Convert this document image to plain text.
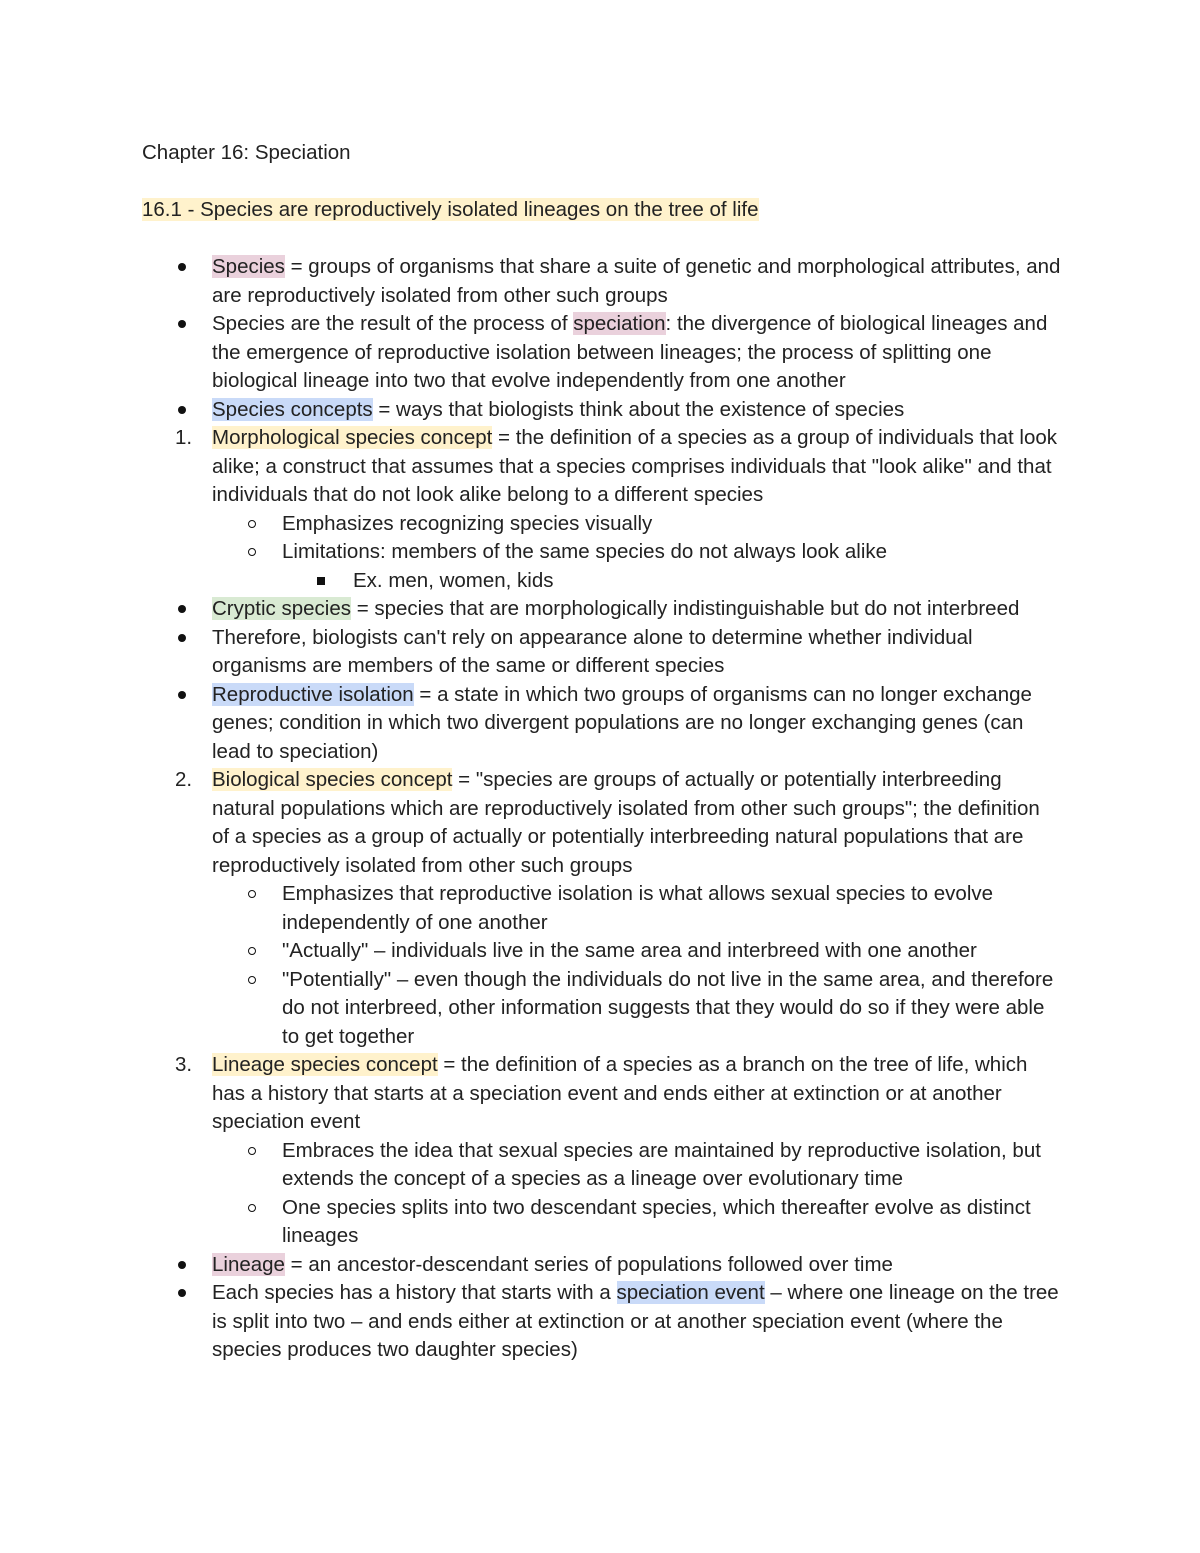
Chapter 16: Speciation

16.1 - Species are reproductively isolated lineages on the tree of life

Species = groups of organisms that share a suite of genetic and morphological attributes, and are reproductively isolated from other such groups

Species are the result of the process of speciation: the divergence of biological lineages and the emergence of reproductive isolation between lineages; the process of splitting one biological lineage into two that evolve independently from one another

Species concepts = ways that biologists think about the existence of species

1. Morphological species concept = the definition of a species as a group of individuals that look alike; a construct that assumes that a species comprises individuals that "look alike" and that individuals that do not look alike belong to a different species

Emphasizes recognizing species visually

Limitations: members of the same species do not always look alike

Ex. men, women, kids

Cryptic species = species that are morphologically indistinguishable but do not interbreed

Therefore, biologists can't rely on appearance alone to determine whether individual organisms are members of the same or different species

Reproductive isolation = a state in which two groups of organisms can no longer exchange genes; condition in which two divergent populations are no longer exchanging genes (can lead to speciation)

2. Biological species concept = "species are groups of actually or potentially interbreeding natural populations which are reproductively isolated from other such groups"; the definition of a species as a group of actually or potentially interbreeding natural populations that are reproductively isolated from other such groups

Emphasizes that reproductive isolation is what allows sexual species to evolve independently of one another

"Actually" – individuals live in the same area and interbreed with one another

"Potentially" – even though the individuals do not live in the same area, and therefore do not interbreed, other information suggests that they would do so if they were able to get together

3. Lineage species concept = the definition of a species as a branch on the tree of life, which has a history that starts at a speciation event and ends either at extinction or at another speciation event

Embraces the idea that sexual species are maintained by reproductive isolation, but extends the concept of a species as a lineage over evolutionary time

One species splits into two descendant species, which thereafter evolve as distinct lineages

Lineage = an ancestor-descendant series of populations followed over time

Each species has a history that starts with a speciation event – where one lineage on the tree is split into two – and ends either at extinction or at another speciation event (where the species produces two daughter species)
